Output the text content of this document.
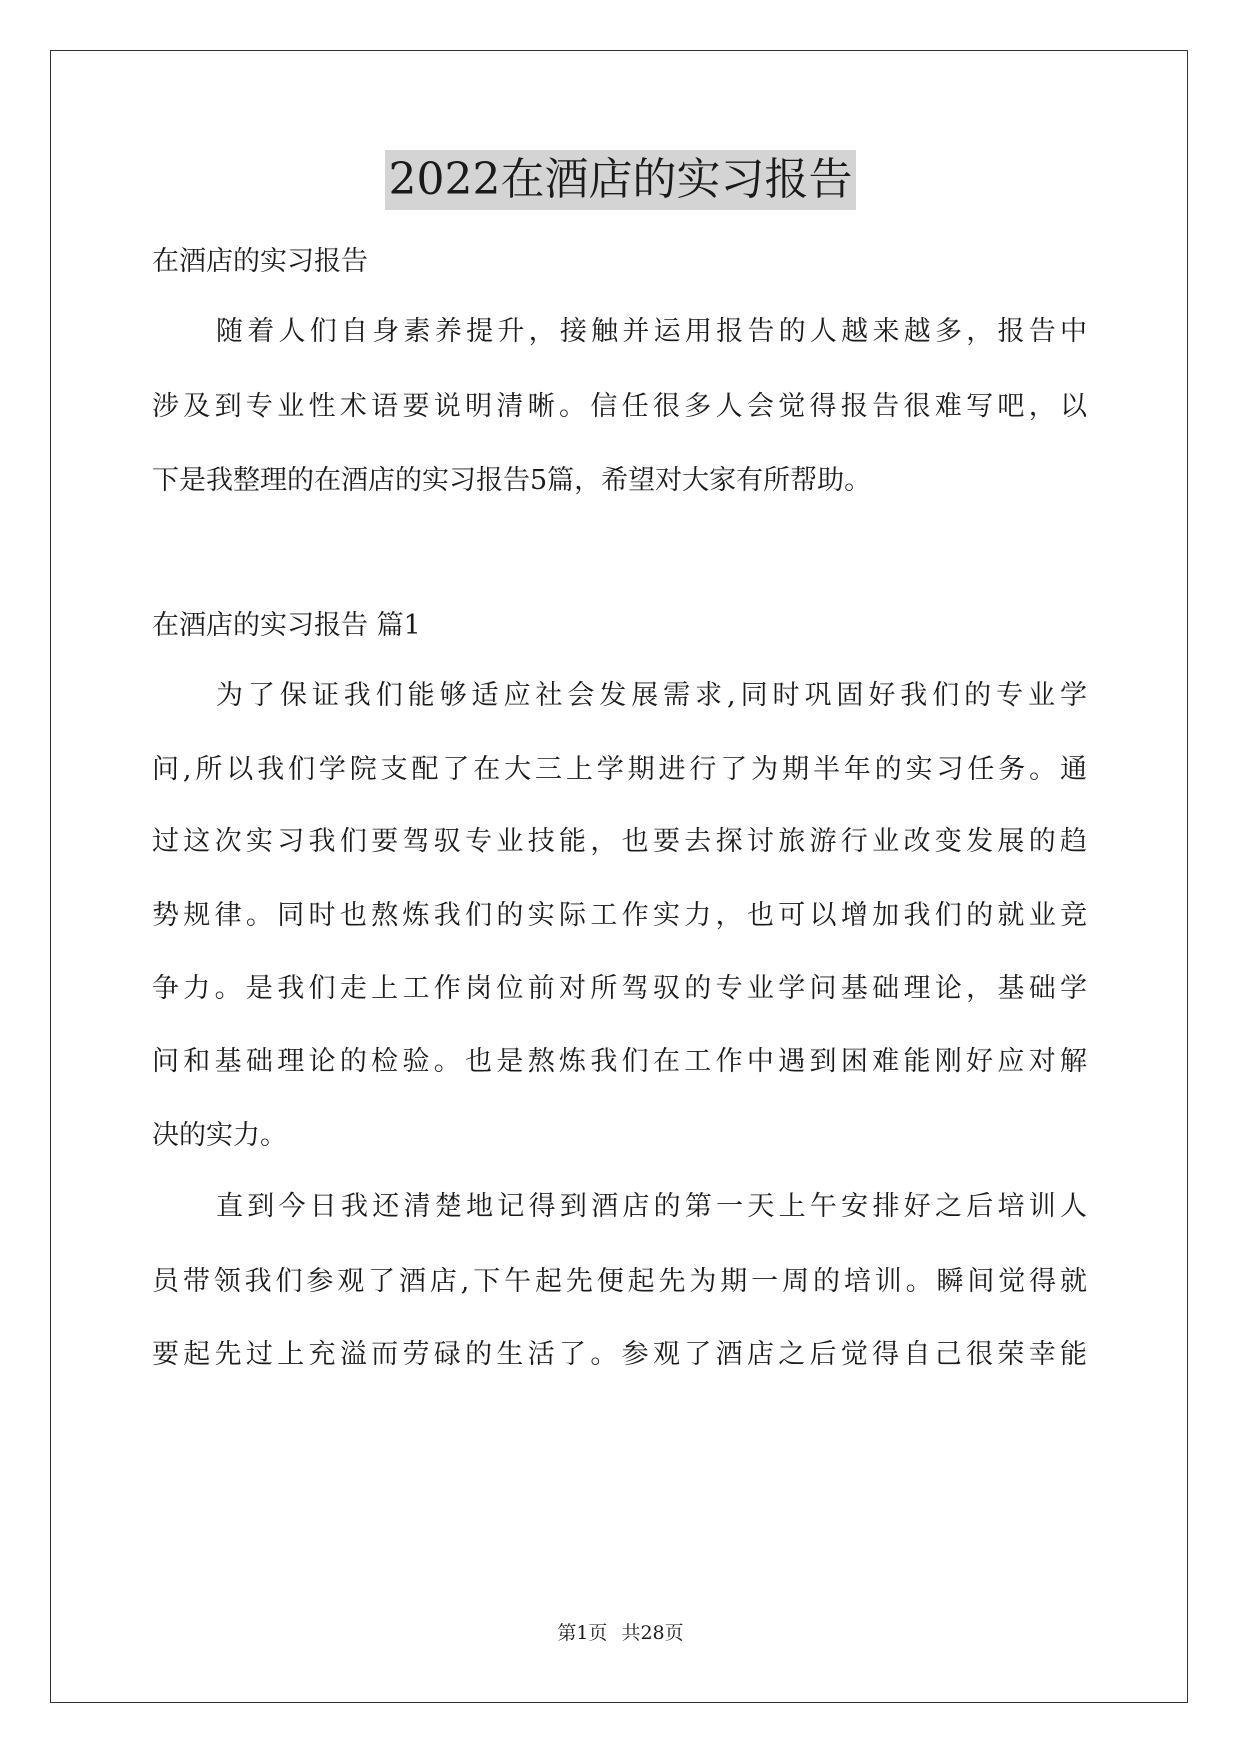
2022在酒店的实习报告
在酒店的实习报告
随着人们自身素养提升，接触并运用报告的人越来越多，报告中
涉及到专业性术语要说明清晰。信任很多人会觉得报告很难写吧，以
下是我整理的在酒店的实习报告5篇，希望对大家有所帮助。
在酒店的实习报告 篇1
为了保证我们能够适应社会发展需求,同时巩固好我们的专业学
问,所以我们学院支配了在大三上学期进行了为期半年的实习任务。通
过这次实习我们要驾驭专业技能，也要去探讨旅游行业改变发展的趋
势规律。同时也熬炼我们的实际工作实力，也可以增加我们的就业竞
争力。是我们走上工作岗位前对所驾驭的专业学问基础理论，基础学
问和基础理论的检验。也是熬炼我们在工作中遇到困难能刚好应对解
决的实力。
直到今日我还清楚地记得到酒店的第一天上午安排好之后培训人
员带领我们参观了酒店,下午起先便起先为期一周的培训。瞬间觉得就
要起先过上充溢而劳碌的生活了。参观了酒店之后觉得自己很荣幸能
第1页 共28页
